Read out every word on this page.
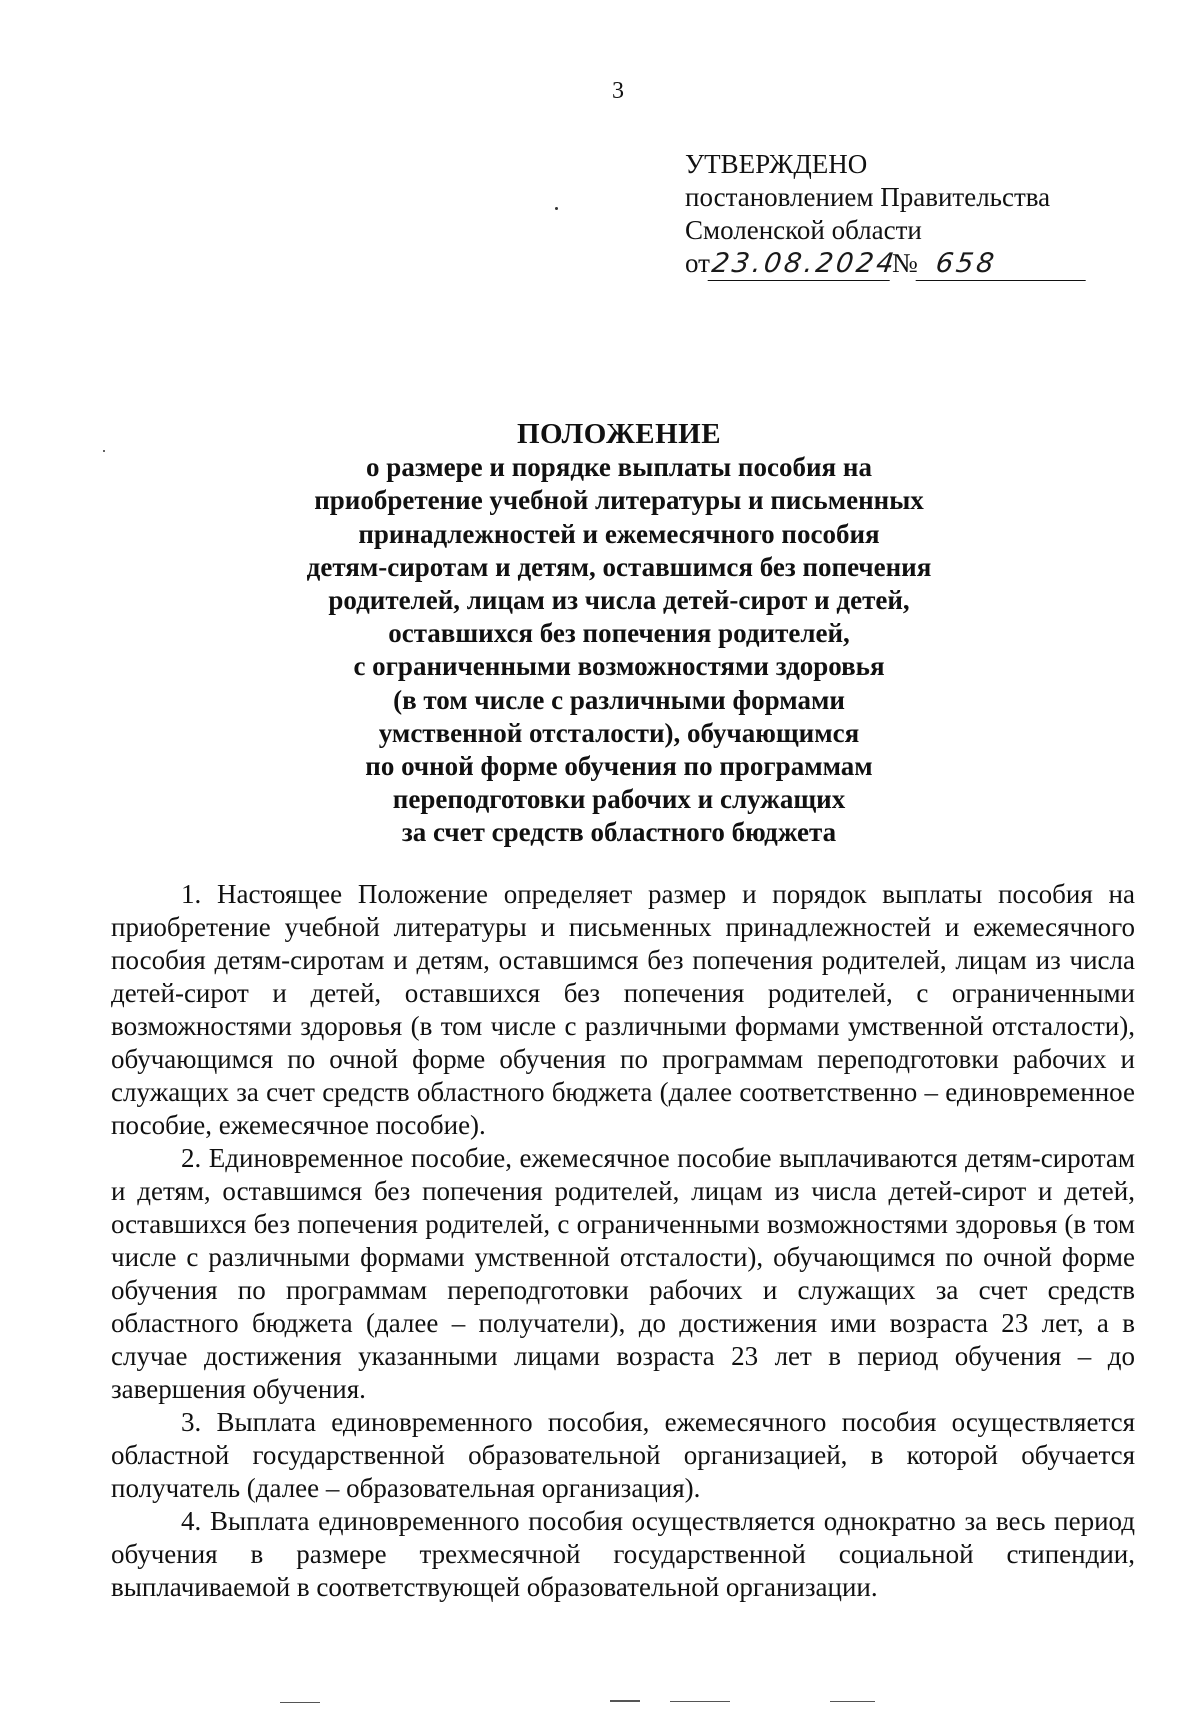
3
УТВЕРЖДЕНО
постановлением Правительства
Смоленской области
от23.08.2024№ 658
ПОЛОЖЕНИЕ
о размере и порядке выплаты пособия на
приобретение учебной литературы и письменных
принадлежностей и ежемесячного пособия
детям-сиротам и детям, оставшимся без попечения
родителей, лицам из числа детей-сирот и детей,
оставшихся без попечения родителей,
с ограниченными возможностями здоровья
(в том числе с различными формами
умственной отсталости), обучающимся
по очной форме обучения по программам
переподготовки рабочих и служащих
за счет средств областного бюджета

1. Настоящее Положение определяет размер и порядок выплаты пособия на приобретение учебной литературы и письменных принадлежностей и ежемесячного пособия детям-сиротам и детям, оставшимся без попечения родителей, лицам из числа детей-сирот и детей, оставшихся без попечения родителей, с ограниченными возможностями здоровья (в том числе с различными формами умственной отсталости), обучающимся по очной форме обучения по программам переподготовки рабочих и служащих за счет средств областного бюджета (далее соответственно – единовременное пособие, ежемесячное пособие).

2. Единовременное пособие, ежемесячное пособие выплачиваются детям-сиротам и детям, оставшимся без попечения родителей, лицам из числа детей-сирот и детей, оставшихся без попечения родителей, с ограниченными возможностями здоровья (в том числе с различными формами умственной отсталости), обучающимся по очной форме обучения по программам переподготовки рабочих и служащих за счет средств областного бюджета (далее – получатели), до достижения ими возраста 23 лет, а в случае достижения указанными лицами возраста 23 лет в период обучения – до завершения обучения.

3. Выплата единовременного пособия, ежемесячного пособия осуществляется областной государственной образовательной организацией, в которой обучается получатель (далее – образовательная организация).

4. Выплата единовременного пособия осуществляется однократно за весь период обучения в размере трехмесячной государственной социальной стипендии, выплачиваемой в соответствующей образовательной организации.
